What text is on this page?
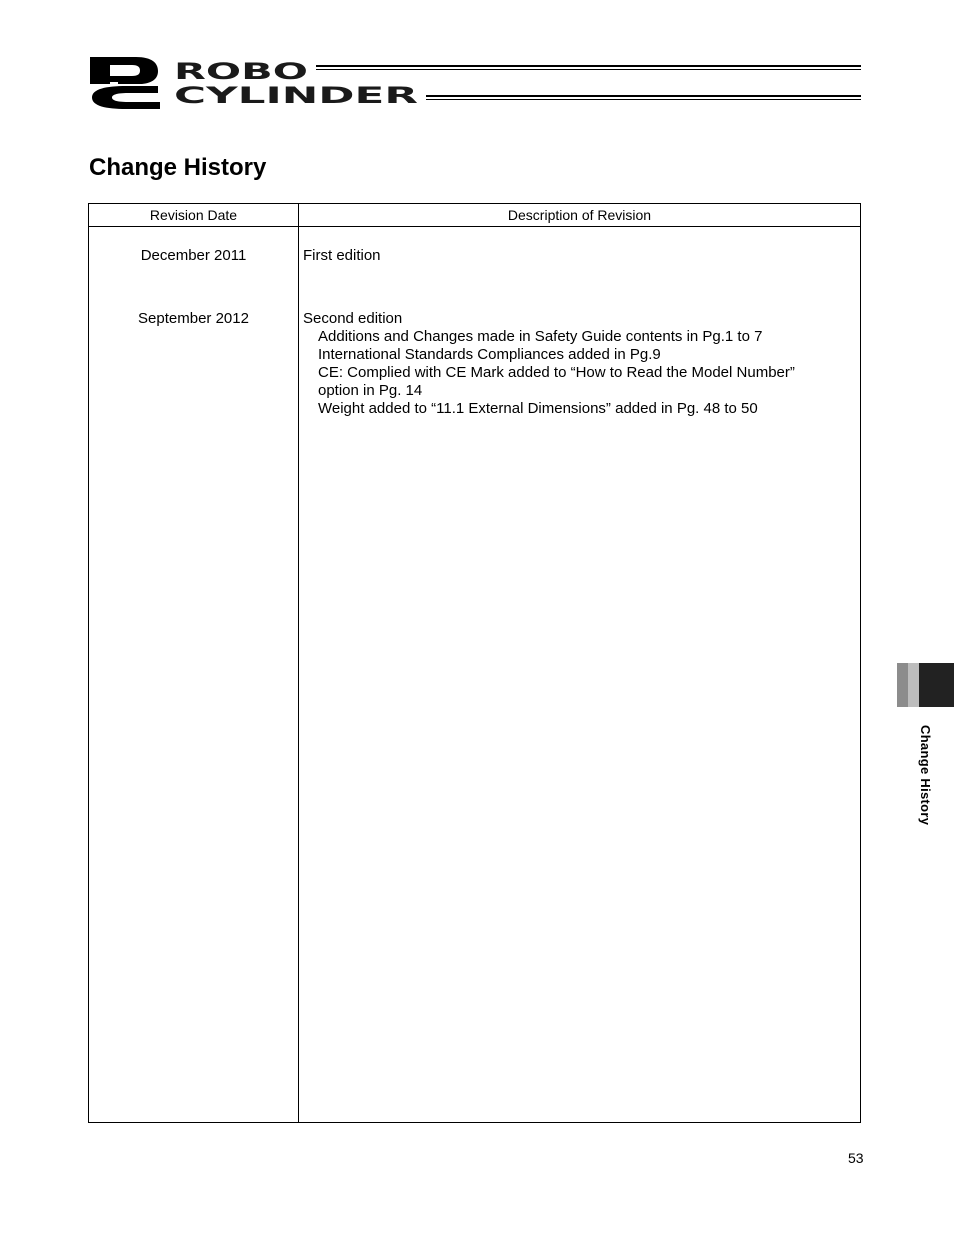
ROBO
CYLINDER
Change History
Revision Date	Description of Revision
December 2011	First edition
September 2012	Second edition
Additions and Changes made in Safety Guide contents in Pg.1 to 7
International Standards Compliances added in Pg.9
CE: Complied with CE Mark added to “How to Read the Model Number”
option in Pg. 14
Weight added to “11.1 External Dimensions” added in Pg. 48 to 50
Change History
53
